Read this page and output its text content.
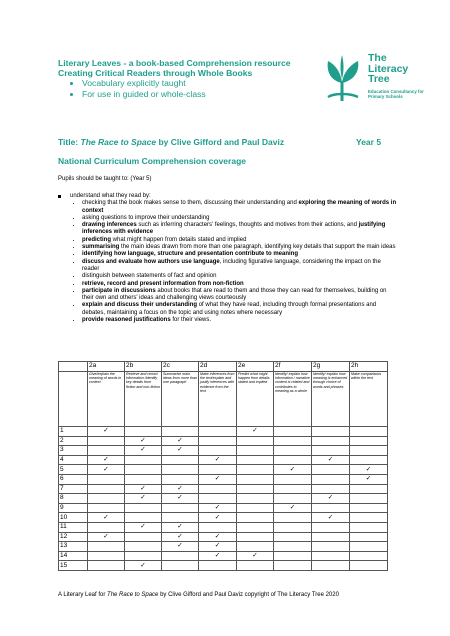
Literary Leaves - a book-based Comprehension resource
Creating Critical Readers through Whole Books
• Vocabulary explicitly taught
• For use in guided or whole-class
The
Literacy
Tree
Education Consultancy for Primary Schools
Title: The Race to Space by Clive Gifford and Paul Daviz	Year 5
National Curriculum Comprehension coverage
Pupils should be taught to: (Year 5)
understand what they read by:
• checking that the book makes sense to them, discussing their understanding and exploring the meaning of words in context
• asking questions to improve their understanding
• drawing inferences such as inferring characters' feelings, thoughts and motives from their actions, and justifying inferences with evidence
• predicting what might happen from details stated and implied
• summarising the main ideas drawn from more than one paragraph, identifying key details that support the main ideas
• identifying how language, structure and presentation contribute to meaning
• discuss and evaluate how authors use language, including figurative language, considering the impact on the reader
• distinguish between statements of fact and opinion
• retrieve, record and present information from non-fiction
• participate in discussions about books that are read to them and those they can read for themselves, building on their own and others' ideas and challenging views courteously
• explain and discuss their understanding of what they have read, including through formal presentations and debates, maintaining a focus on the topic and using notes where necessary
• provide reasoned justifications for their views.
	2a	2b	2c	2d	2e	2f	2g	2h
	Give/explain the meaning of words in context	Retrieve and record information /identify key details from fiction and non-fiction	Summarise main ideas from more than one paragraph	Make inferences from the text/explain and justify inferences with evidence from the text	Predict what might happen from details stated and implied	Identify/ explain how information / narrative content is related and contributes to meaning as a whole	Identify/ explain how meaning is enhanced through choice of words and phrases	Make comparisons within the text
1	✓				✓			
2		✓	✓					
3		✓	✓					
4	✓			✓			✓	
5	✓					✓		✓
6				✓				✓
7		✓	✓					
8		✓	✓				✓	
9				✓		✓		
10	✓			✓			✓	
11		✓	✓					
12	✓		✓	✓				
13			✓	✓				
14				✓	✓			
15		✓						
A Literary Leaf for The Race to Space by Clive Gifford and Paul Daviz copyright of The Literacy Tree 2020
